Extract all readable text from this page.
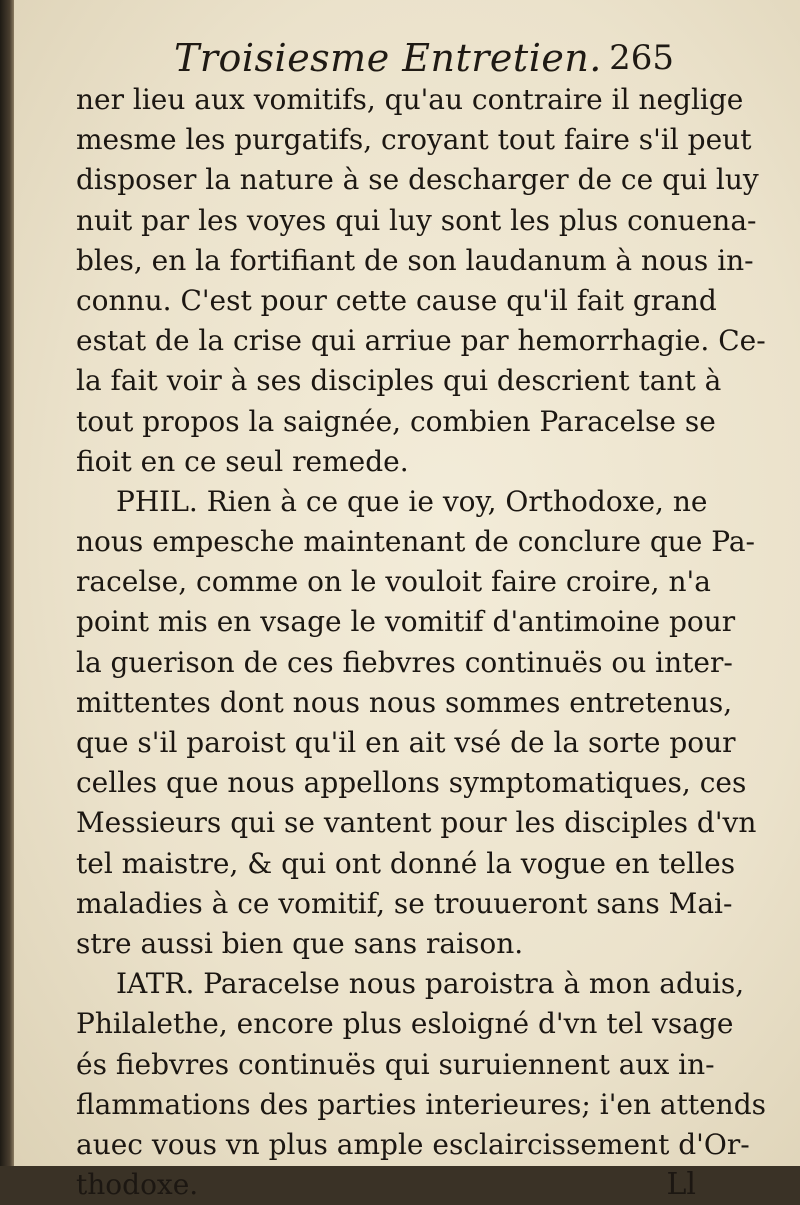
Troisiesme Entretien. 265
ner lieu aux vomitifs, qu'au contraire il neglige
mesme les purgatifs, croyant tout faire s'il peut
disposer la nature à se descharger de ce qui luy
nuit par les voyes qui luy sont les plus conuena-
bles, en la fortifiant de son laudanum à nous in-
connu. C'est pour cette cause qu'il fait grand
estat de la crise qui arriue par hemorrhagie. Ce-
la fait voir à ses disciples qui descrient tant à
tout propos la saignée, combien Paracelse se
fioit en ce seul remede.
PHIL. Rien à ce que ie voy, Orthodoxe, ne
nous empesche maintenant de conclure que Pa-
racelse, comme on le vouloit faire croire, n'a
point mis en vsage le vomitif d'antimoine pour
la guerison de ces fiebvres continuës ou inter-
mittentes dont nous nous sommes entretenus,
que s'il paroist qu'il en ait vsé de la sorte pour
celles que nous appellons symptomatiques, ces
Messieurs qui se vantent pour les disciples d'vn
tel maistre, & qui ont donné la vogue en telles
maladies à ce vomitif, se trouueront sans Mai-
stre aussi bien que sans raison.
IATR. Paracelse nous paroistra à mon aduis,
Philalethe, encore plus esloigné d'vn tel vsage
és fiebvres continuës qui suruiennent aux in-
flammations des parties interieures; i'en attends
auec vous vn plus ample esclaircissement d'Or-
thodoxe.	Ll
